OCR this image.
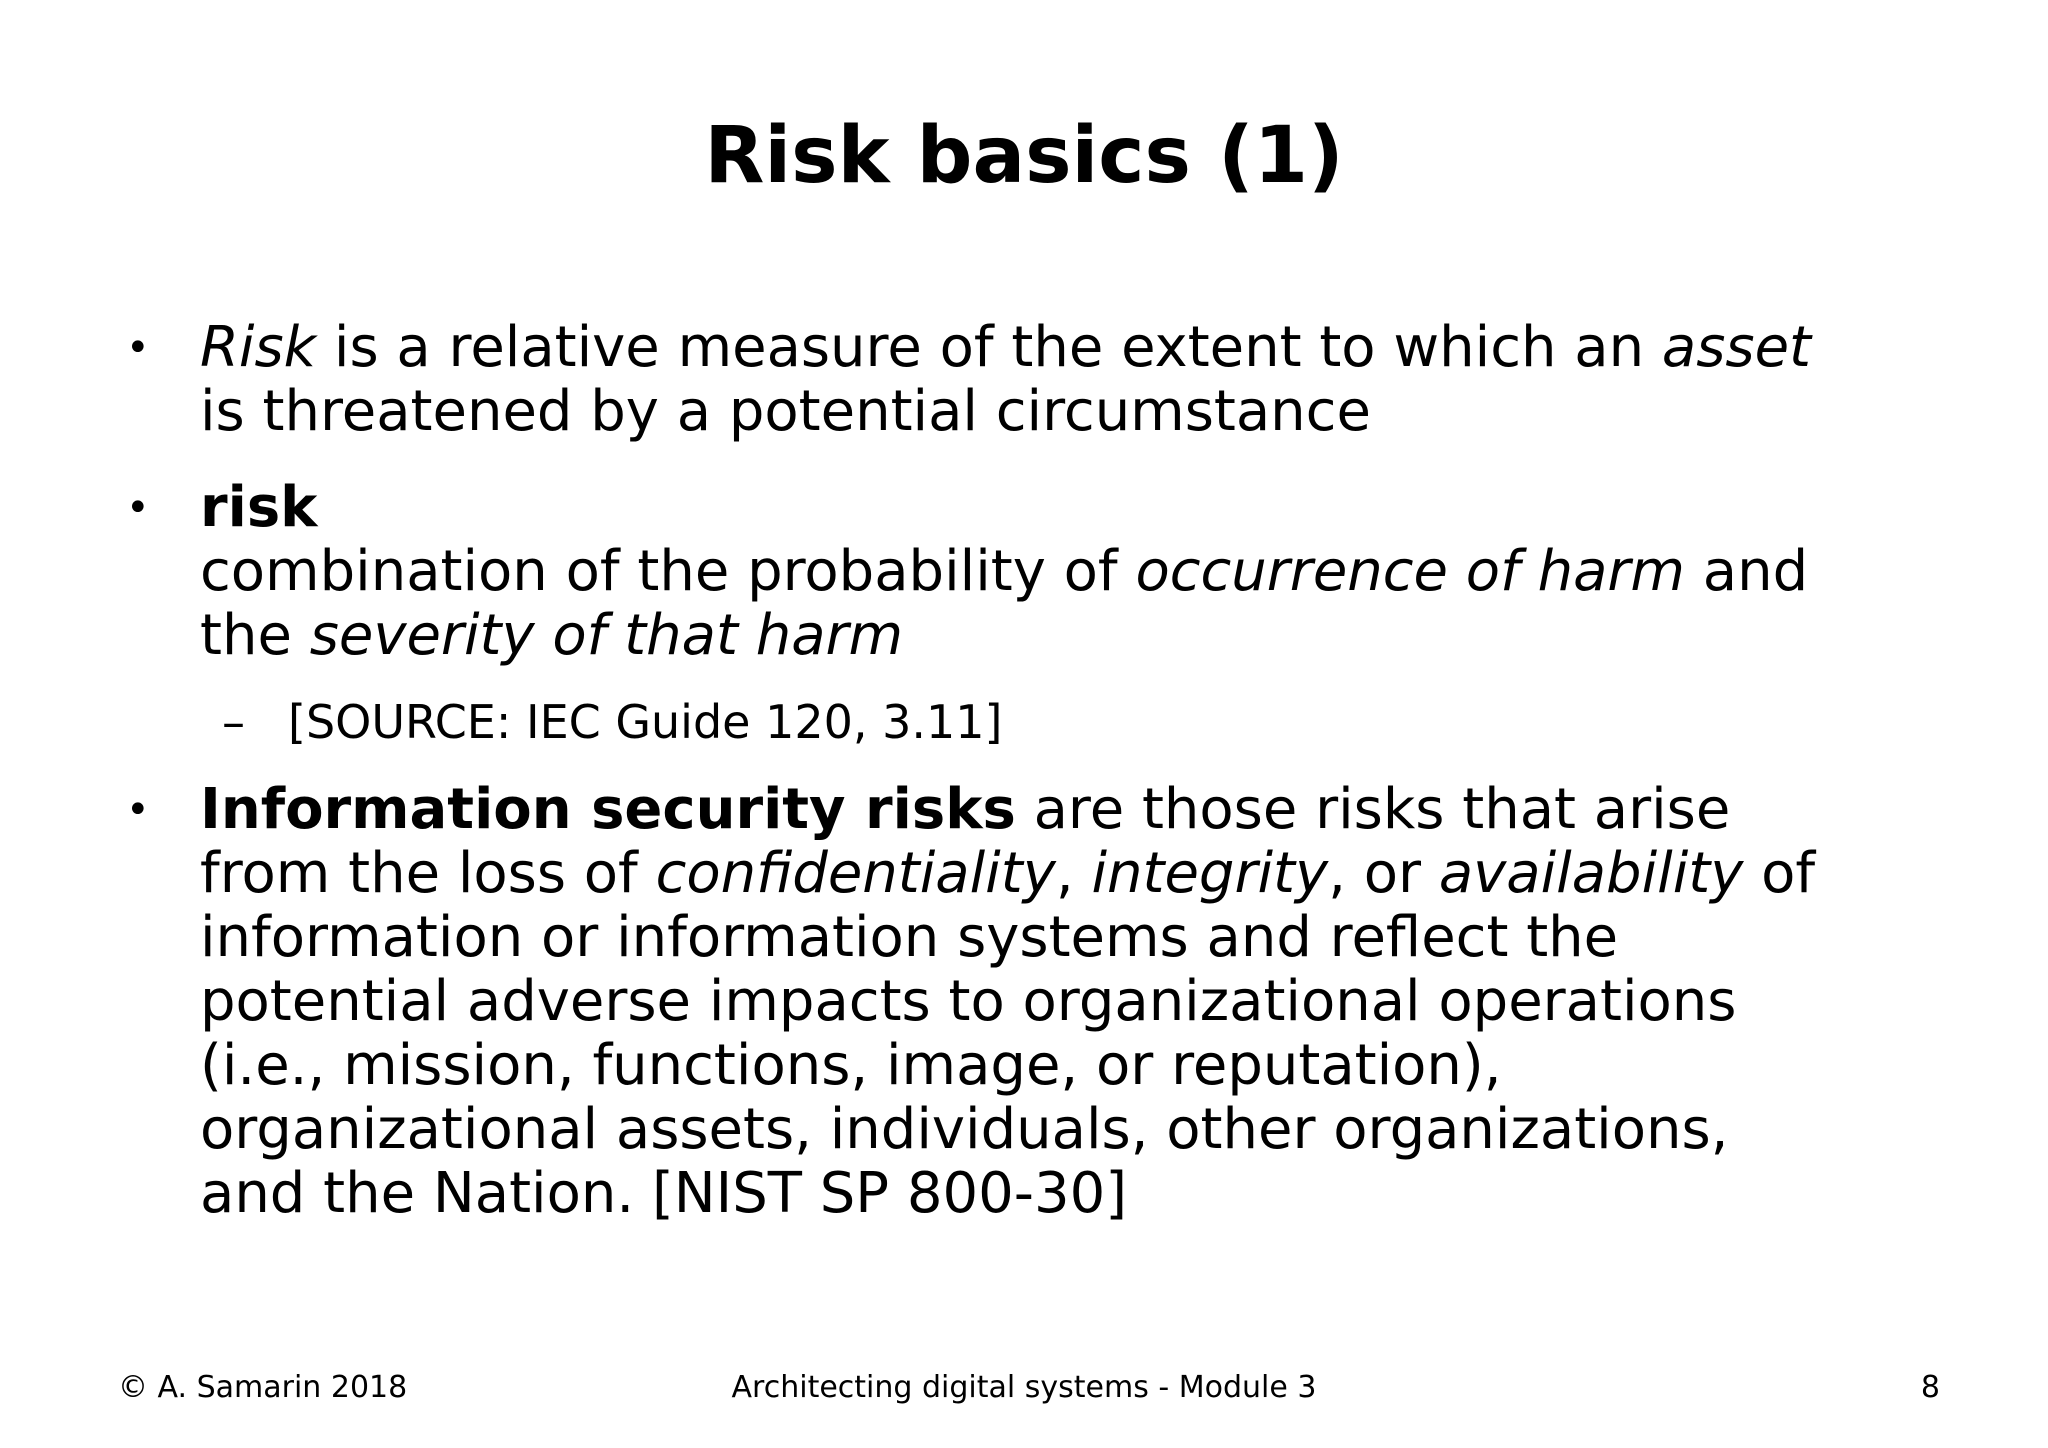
Risk basics (1)
• Risk is a relative measure of the extent to which an asset
is threatened by a potential circumstance
• risk
combination of the probability of occurrence of harm and
the severity of that harm
– [SOURCE: IEC Guide 120, 3.11]
• Information security risks are those risks that arise
from the loss of confidentiality, integrity, or availability of
information or information systems and reflect the
potential adverse impacts to organizational operations
(i.e., mission, functions, image, or reputation),
organizational assets, individuals, other organizations,
and the Nation. [NIST SP 800-30]
© A. Samarin 2018	Architecting digital systems - Module 3	8
